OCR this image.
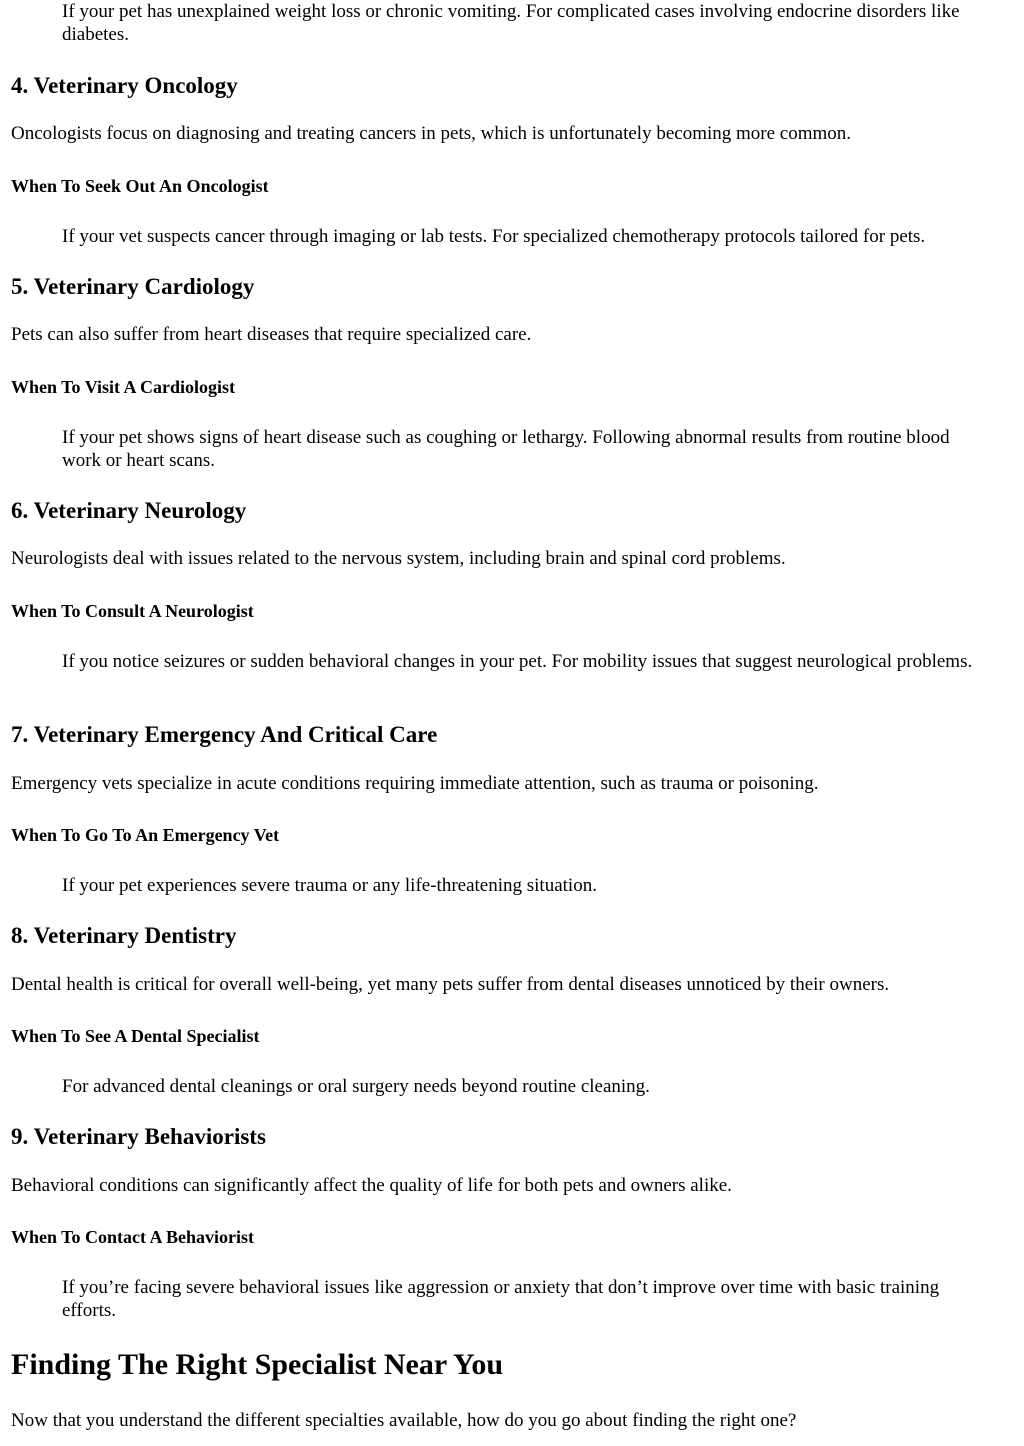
If your pet has unexplained weight loss or chronic vomiting. For complicated cases involving endocrine disorders like diabetes.

4. Veterinary Oncology

Oncologists focus on diagnosing and treating cancers in pets, which is unfortunately becoming more common.

When To Seek Out An Oncologist

If your vet suspects cancer through imaging or lab tests. For specialized chemotherapy protocols tailored for pets.

5. Veterinary Cardiology

Pets can also suffer from heart diseases that require specialized care.

When To Visit A Cardiologist

If your pet shows signs of heart disease such as coughing or lethargy. Following abnormal results from routine blood work or heart scans.

6. Veterinary Neurology

Neurologists deal with issues related to the nervous system, including brain and spinal cord problems.

When To Consult A Neurologist

If you notice seizures or sudden behavioral changes in your pet. For mobility issues that suggest neurological problems.

7. Veterinary Emergency And Critical Care

Emergency vets specialize in acute conditions requiring immediate attention, such as trauma or poisoning.

When To Go To An Emergency Vet

If your pet experiences severe trauma or any life-threatening situation.

8. Veterinary Dentistry

Dental health is critical for overall well-being, yet many pets suffer from dental diseases unnoticed by their owners.

When To See A Dental Specialist

For advanced dental cleanings or oral surgery needs beyond routine cleaning.

9. Veterinary Behaviorists

Behavioral conditions can significantly affect the quality of life for both pets and owners alike.

When To Contact A Behaviorist

If you’re facing severe behavioral issues like aggression or anxiety that don’t improve over time with basic training efforts.

Finding The Right Specialist Near You

Now that you understand the different specialties available, how do you go about finding the right one?
